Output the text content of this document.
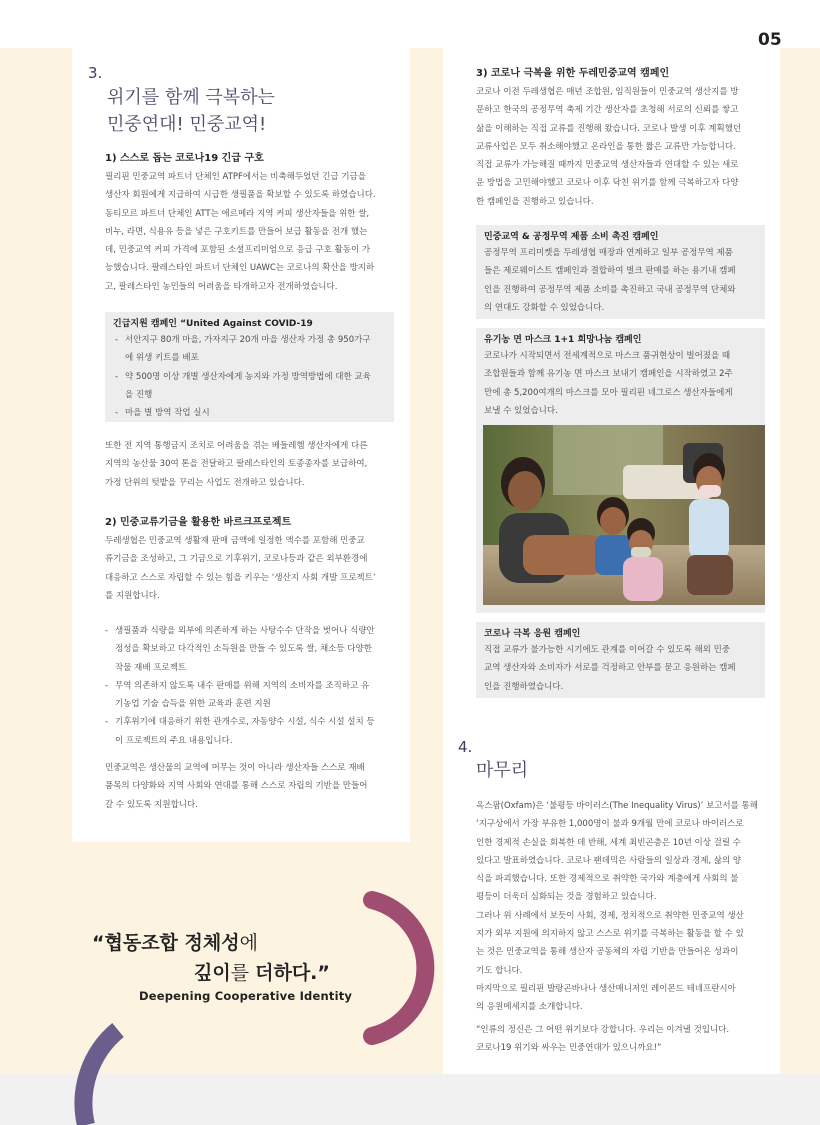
05
3.
위기를 함께 극복하는
민중연대! 민중교역!
1) 스스로 돕는 코로나19 긴급 구호
필리핀 민중교역 파트너 단체인 ATPF에서는 비축해두었던 긴급 기금을
생산자 회원에게 지급하여 시급한 생필품을 확보할 수 있도록 하였습니다.
동티모르 파트너 단체인 ATT는 에르메라 지역 커피 생산자들을 위한 쌀,
비누, 라면, 식용유 등을 넣은 구호키트를 만들어 보급 활동을 전개 했는
데, 민중교역 커피 가격에 포함된 소셜프리미엄으로 응급 구호 활동이 가
능했습니다. 팔레스타인 파트너 단체인 UAWC는 코로나의 확산을 방지하
고, 팔레스타인 농민들의 어려움을 타개하고자 전개하였습니다.
긴급지원 캠페인 “United Against COVID-19
- 서안지구 80개 마을, 가자지구 20개 마을 생산자 가정 총 950가구
에 위생 키트를 배포
- 약 500명 이상 개별 생산자에게 농지와 가정 방역방법에 대한 교육
을 진행
- 마을 별 방역 작업 실시
또한 전 지역 통행금지 조치로 어려움을 겪는 베들레헴 생산자에게 다른
지역의 농산물 30여 톤을 전달하고 팔레스타인의 토종종자를 보급하여,
가정 단위의 텃밭을 꾸리는 사업도 전개하고 있습니다.
2) 민중교류기금을 활용한 바르크프로젝트
두레생협은 민중교역 생활재 판매 금액에 일정한 액수를 포함해 민중교
류기금을 조성하고, 그 기금으로 기후위기, 코로나등과 같은 외부환경에
대응하고 스스로 자립할 수 있는 힘을 키우는 ‘생산지 사회 개발 프로젝트’
를 지원합니다.
- 생필품과 식량을 외부에 의존하게 하는 사탕수수 단작을 벗어나 식량안
정성을 확보하고 다각적인 소득원을 만들 수 있도록 쌀, 채소등 다양한
작물 재배 프로젝트
- 무역 의존하지 않도록 내수 판매를 위해 지역의 소비자를 조직하고 유
기농업 기술 습득을 위한 교육과 훈련 지원
- 기후위기에 대응하기 위한 관개수로, 자동양수 시설, 식수 시설 설치 등
이 프로젝트의 주요 내용입니다.
민중교역은 생산물의 교역에 머무는 것이 아니라 생산자들 스스로 재배
품목의 다양화와 지역 사회와 연대를 통해 스스로 자립의 기반을 만들어
갈 수 있도록 지원합니다.
3) 코로나 극복을 위한 두레민중교역 캠페인
코로나 이전 두레생협은 매년 조합원, 임직원들이 민중교역 생산지를 방
문하고 한국의 공정무역 축제 기간 생산자를 초청해 서로의 신뢰를 쌓고
삶을 이해하는 직접 교류를 진행해 왔습니다. 코로나 발생 이후 계획했던
교류사업은 모두 취소해야했고 온라인을 통한 짧은 교류만 가능합니다.
직접 교류가 가능해질 때까지 민중교역 생산자들과 연대할 수 있는 새로
운 방법을 고민해야했고 코로나 이후 닥친 위기를 함께 극복하고자 다양
한 캠페인을 진행하고 있습니다.
민중교역 & 공정무역 제품 소비 촉진 캠페인
공정무역 프리미켓을 두레생협 매장과 연계하고 일부 공정무역 제품
들은 제로웨이스트 캠페인과 결합하여 벌크 판매를 하는 용기내 캠페
인을 진행하여 공정무역 제품 소비를 촉진하고 국내 공정무역 단체와
의 연대도 강화할 수 있었습니다.
유기농 면 마스크 1+1 희망나눔 캠페인
코로나가 시작되면서 전세계적으로 마스크 품귀현상이 벌어졌을 때
조합원들과 함께 유기농 면 마스크 보내기 캠페인을 시작하였고 2주
만에 총 5,200여개의 마스크를 모아 필리핀 네그로스 생산자들에게
보낼 수 있었습니다.
코로나 극복 응원 캠페인
직접 교류가 불가능한 시기에도 관계를 이어갈 수 있도록 해외 민중
교역 생산자와 소비자가 서로를 걱정하고 안부를 묻고 응원하는 캠페
인을 진행하였습니다.
4.
마무리
옥스팜(Oxfam)은 ‘불평등 바이러스(The Inequality Virus)’ 보고서를 통해
‘지구상에서 가장 부유한 1,000명이 불과 9개월 만에 코로나 바이러스로
인한 경제적 손실을 회복한 데 반해, 세계 최빈곤층은 10년 이상 걸릴 수
있다고 발표하였습니다. 코로나 팬데믹은 사람들의 일상과 경제, 삶의 양
식을 파괴했습니다. 또한 경제적으로 취약한 국가와 계층에게 사회의 불
평등이 더욱더 심화되는 것을 경험하고 있습니다.
그러나 위 사례에서 보듯이 사회, 경제, 정치적으로 취약한 민중교역 생산
지가 외부 지원에 의지하지 않고 스스로 위기를 극복하는 활동을 할 수 있
는 것은 민중교역을 통해 생산자 공동체의 자립 기반을 만들어온 성과이
기도 합니다.
마지막으로 필리핀 발랑곤바나나 생산매니저인 레이몬드 테네프란시아
의 응원메세지를 소개합니다.
“인류의 정신은 그 어떤 위기보다 강합니다. 우리는 이겨낼 것입니다.
코로나19 위기와 싸우는 민중연대가 있으니까요!”
“협동조합 정체성에
깊이를 더하다.”
Deepening Cooperative Identity
